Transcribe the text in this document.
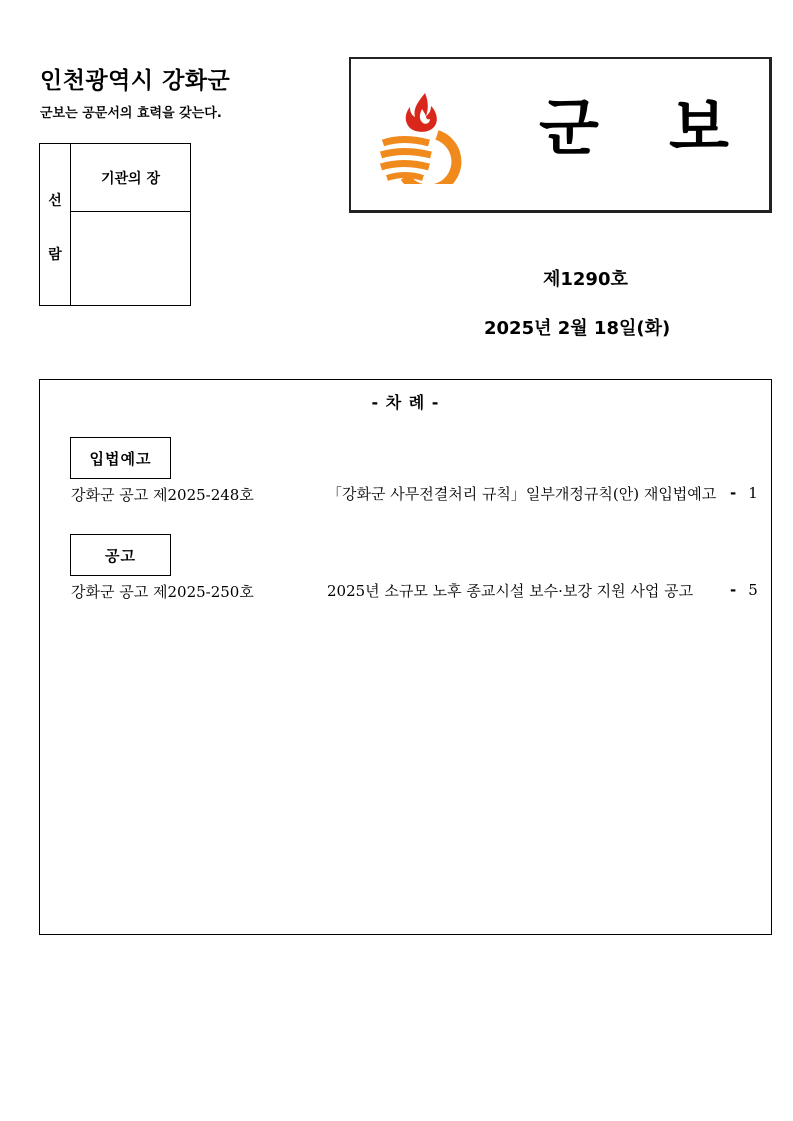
인천광역시 강화군
군보는 공문서의 효력을 갖는다.
선
람
기관의 장
군 보
제1290호
2025년 2월 18일(화)
- 차 례 -
입법예고
강화군 공고 제2025-248호	「강화군 사무전결처리 규칙」일부개정규칙(안) 재입법예고 - 1
공고
강화군 공고 제2025-250호	2025년 소규모 노후 종교시설 보수·보강 지원 사업 공고	- 5
